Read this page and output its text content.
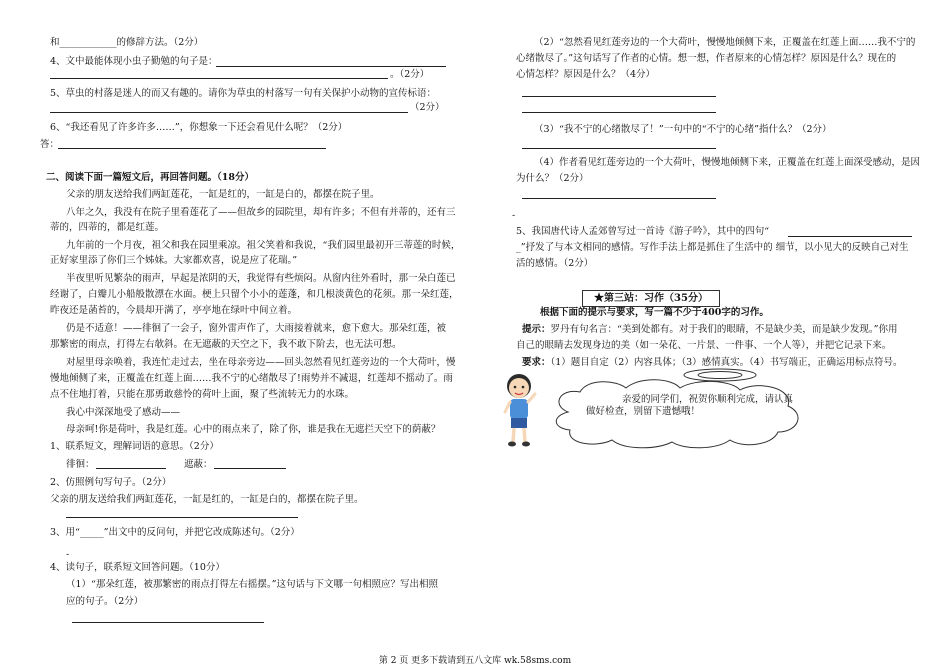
和____________的修辞方法。（2分）
4、文中最能体现小虫子勤勉的句子是：
。（2分）
5、草虫的村落是迷人的而又有趣的。请你为草虫的村落写一句有关保护小动物的宣传标语：
（2分）
6、“我还看见了许多许多……”，你想象一下还会看见什么呢？（2分）
答：
二、阅读下面一篇短文后，再回答问题。（18分）
父亲的朋友送给我们两缸莲花，一缸是红的，一缸是白的，都摆在院子里。
八年之久，我没有在院子里看莲花了——但故乡的园院里，却有许多；不但有并蒂的，还有三
蒂的，四蒂的，都是红莲。
九年前的一个月夜，祖父和我在园里乘凉。祖父笑着和我说，“我们园里最初开三蒂莲的时候，
正好家里添了你们三个姊妹。大家都欢喜，说是应了花瑞。”
半夜里听见繁杂的雨声，早起是浓阴的天，我觉得有些烦闷。从窗内往外看时，那一朵白莲已
经谢了，白瓣儿小船般散漂在水面。梗上只留个小小的莲蓬，和几根淡黄色的花须。那一朵红莲，
昨夜还是菡苔的，今晨却开满了，亭亭地在绿叶中间立着。
仍是不适意！——徘徊了一会子，窗外雷声作了，大雨接着就来，愈下愈大。那朵红莲，被
那繁密的雨点，打得左右欹斜。在无遮蔽的天空之下，我不敢下阶去，也无法可想。
对屋里母亲唤着，我连忙走过去，坐在母亲旁边——回头忽然看见红莲旁边的一个大荷叶，慢
慢地倾侧了来，正覆盖在红莲上面……我不宁的心绪散尽了!雨势并不减退，红莲却不摇动了。雨
点不住地打着，只能在那勇敢慈怜的荷叶上面，聚了些流转无力的水珠。
我心中深深地受了感动——
母亲呵!你是荷叶，我是红莲。心中的雨点来了，除了你，谁是我在无遮拦天空下的荫蔽？
1、联系短文，理解词语的意思。（2分）
徘徊：	遮蔽：
2、仿照例句写句子。（2分）
父亲的朋友送给我们两缸莲花，一缸是红的，一缸是白的，都摆在院子里。
3、用“_____”出文中的反问句，并把它改成陈述句。（2分）
-
4、读句子，联系短文回答问题。（10分）
（1）“那朵红莲，被那繁密的雨点打得左右摇摆。”这句话与下文哪一句相照应？写出相照
应的句子。（2分）
（2）“忽然看见红莲旁边的一个大荷叶，慢慢地倾侧下来，正覆盖在红莲上面……我不宁的
心绪散尽了。”这句话写了作者的心情。想一想，作者原来的心情怎样？原因是什么？现在的
心情怎样？原因是什么？（4分）
（3）“我不宁的心绪散尽了！”一句中的“不宁的心绪”指什么？（2分）
（4）作者看见红莲旁边的一个大荷叶，慢慢地倾侧下来，正覆盖在红莲上面深受感动，是因
为什么？（2分）
-
5、我国唐代诗人孟郊曾写过一首诗《游子吟》，其中的四句“
_”抒发了与本文相同的感情。写作手法上都是抓住了生活中的 细节，以小见大的反映自己对生
活的感情。（2分）
★第三站：习作（35分）
根据下面的提示与要求，写一篇不少于400字的习作。
提示：罗丹有句名言：“美到处都有。对于我们的眼睛，不是缺少美，而是缺少发现。”你用
自己的眼睛去发现身边的美（如一朵花、一片景、一件事、一个人等），并把它记录下来。
要求：（1）题目自定（2）内容具体；（3）感情真实。（4）书写端正，正确运用标点符号。
亲爱的同学们，祝贺你顺利完成，请认真
做好检查，别留下遗憾哦！
第 2 页 更多下载请到五八文库 wk.58sms.com
